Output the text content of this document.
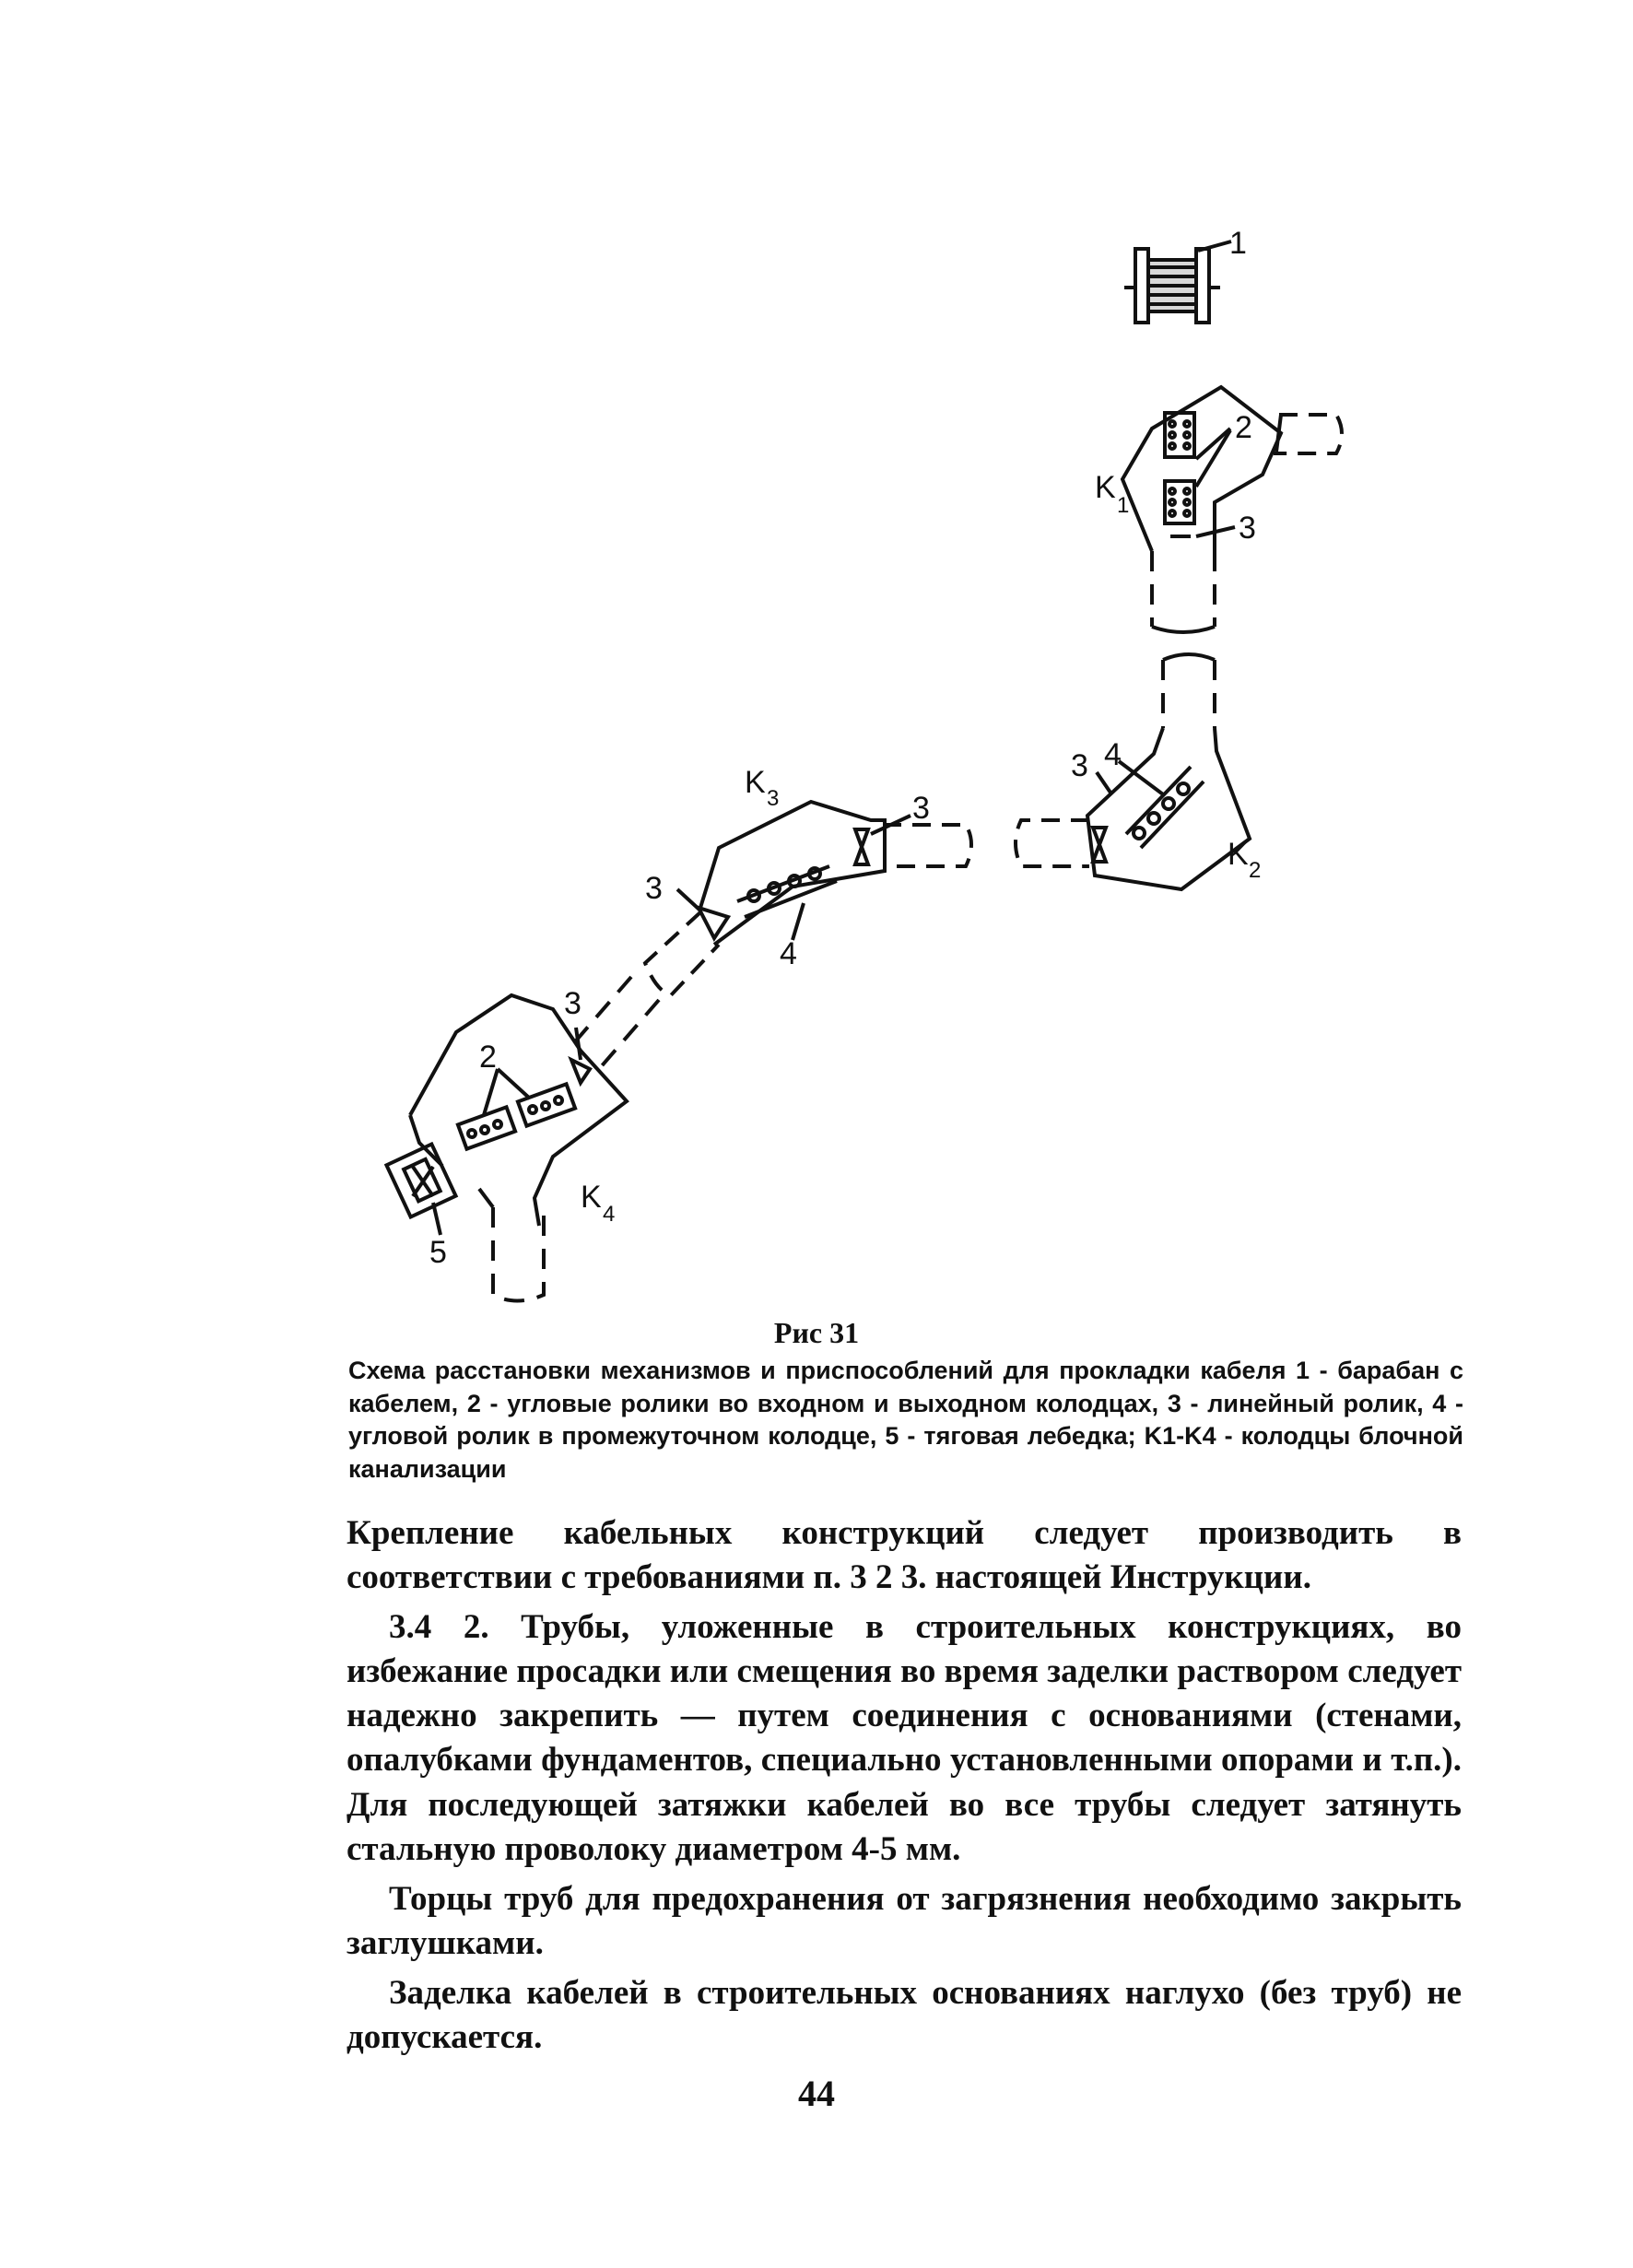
1
K
1
2
3
3 4
K 2
K 3	3
3
4
3
2
K 4
5
Рис 31
Схема расстановки механизмов и приспособлений для прокладки кабеля 1 - барабан с кабелем, 2 - угловые ролики во входном и выходном колодцах, 3 - линейный ролик, 4 - угловой ролик в промежуточном колодце, 5 - тяговая лебедка; K1-K4 - колодцы блочной канализации

Крепление кабельных конструкций следует производить в соответствии с требованиями п. 3 2 3. настоящей Инструкции.

3.4 2. Трубы, уложенные в строительных конструкциях, во избежание просадки или смещения во время заделки раствором следует надежно закрепить — путем соединения с основаниями (стенами, опалубками фундаментов, специально установленными опорами и т.п.). Для последующей затяжки кабелей во все трубы следует затянуть стальную проволоку диаметром 4-5 мм.

Торцы труб для предохранения от загрязнения необходимо закрыть заглушками.

Заделка кабелей в строительных основаниях наглухо (без труб) не допускается.

44
